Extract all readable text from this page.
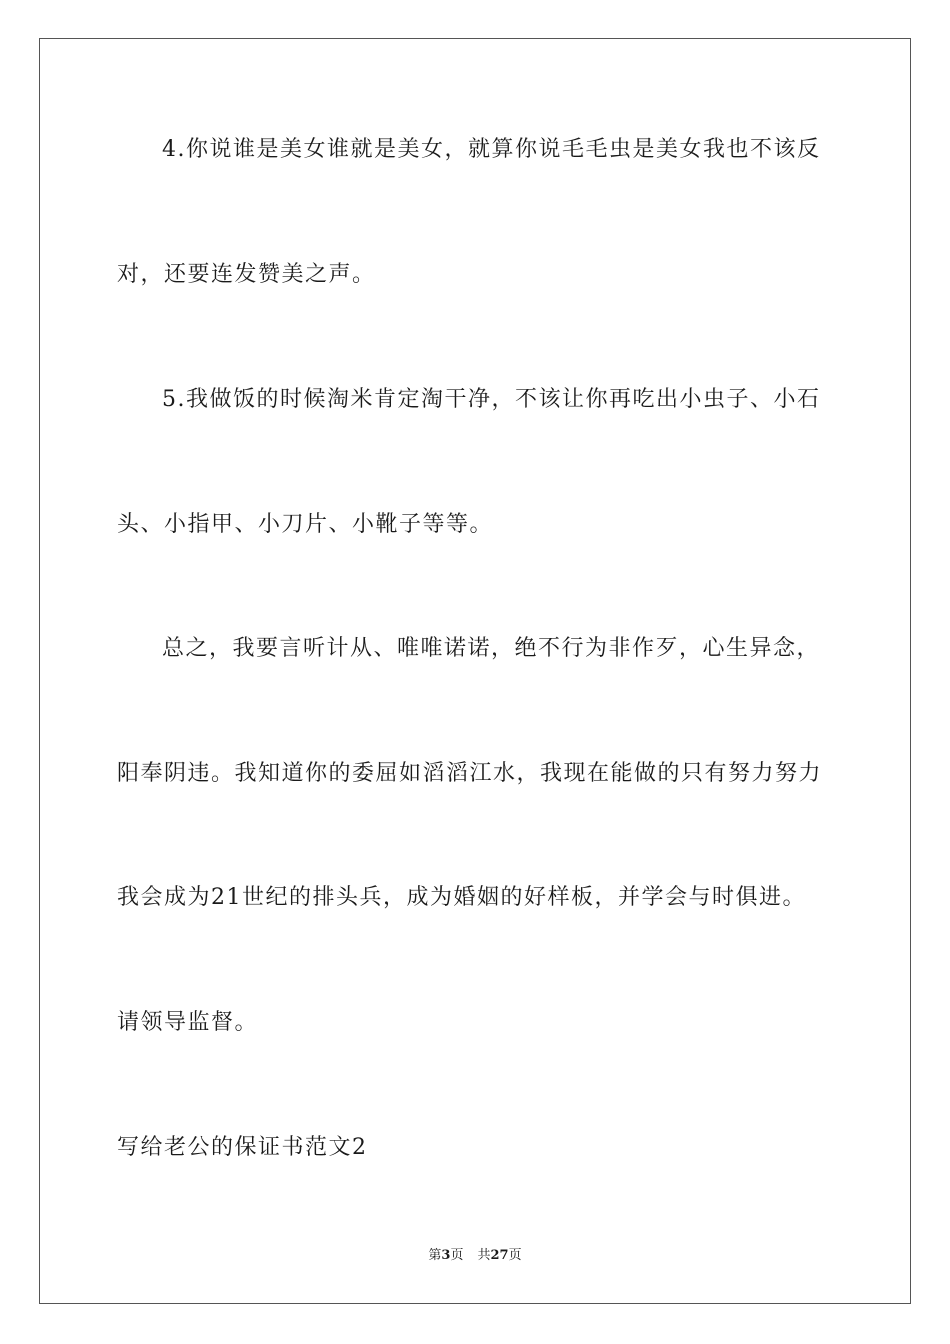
4.你说谁是美女谁就是美女，就算你说毛毛虫是美女我也不该反
对，还要连发赞美之声。
5.我做饭的时候淘米肯定淘干净，不该让你再吃出小虫子、小石
头、小指甲、小刀片、小靴子等等。
总之，我要言听计从、唯唯诺诺，绝不行为非作歹，心生异念，
阳奉阴违。我知道你的委屈如滔滔江水，我现在能做的只有努力努力
我会成为21世纪的排头兵，成为婚姻的好样板，并学会与时俱进。
请领导监督。
写给老公的保证书范文2
第3页 共27页
